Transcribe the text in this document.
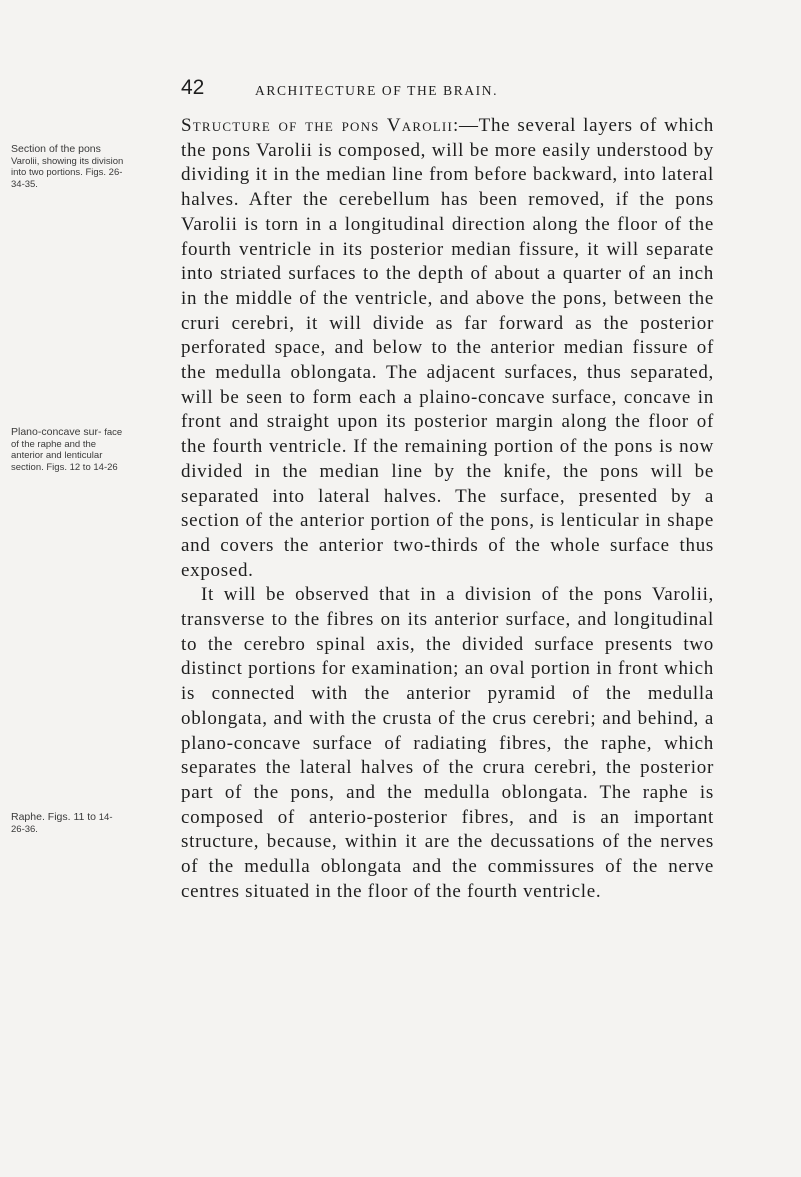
42	ARCHITECTURE OF THE BRAIN.
Section of the pons Varolii, showing its division into two portions. Figs. 26-34-35.
Plano-concave sur- face of the raphe and the anterior and lenticular section. Figs. 12 to 14-26
Raphe. Figs. 11 to 14-26-36.

Structure of the pons Varolii:—The several layers of which the pons Varolii is composed, will be more easily understood by dividing it in the median line from before backward, into lateral halves. After the cerebellum has been removed, if the pons Varolii is torn in a longitudinal direction along the floor of the fourth ventricle in its posterior median fissure, it will separate into striated surfaces to the depth of about a quarter of an inch in the middle of the ventricle, and above the pons, between the cruri cerebri, it will divide as far forward as the posterior perforated space, and below to the anterior median fissure of the medulla oblongata. The adjacent surfaces, thus separated, will be seen to form each a plaino-concave surface, concave in front and straight upon its posterior margin along the floor of the fourth ventricle. If the remaining portion of the pons is now divided in the median line by the knife, the pons will be separated into lateral halves. The surface, presented by a section of the anterior portion of the pons, is lenticular in shape and covers the anterior two-thirds of the whole surface thus exposed.

It will be observed that in a division of the pons Varolii, transverse to the fibres on its anterior surface, and longitudinal to the cerebro spinal axis, the divided surface presents two distinct portions for examination; an oval portion in front which is connected with the anterior pyramid of the medulla oblongata, and with the crusta of the crus cerebri; and behind, a plano-concave surface of radiating fibres, the raphe, which separates the lateral halves of the crura cerebri, the posterior part of the pons, and the medulla oblongata. The raphe is composed of anterio-posterior fibres, and is an important structure, because, within it are the decussations of the nerves of the medulla oblongata and the commissures of the nerve centres situated in the floor of the fourth ventricle.
